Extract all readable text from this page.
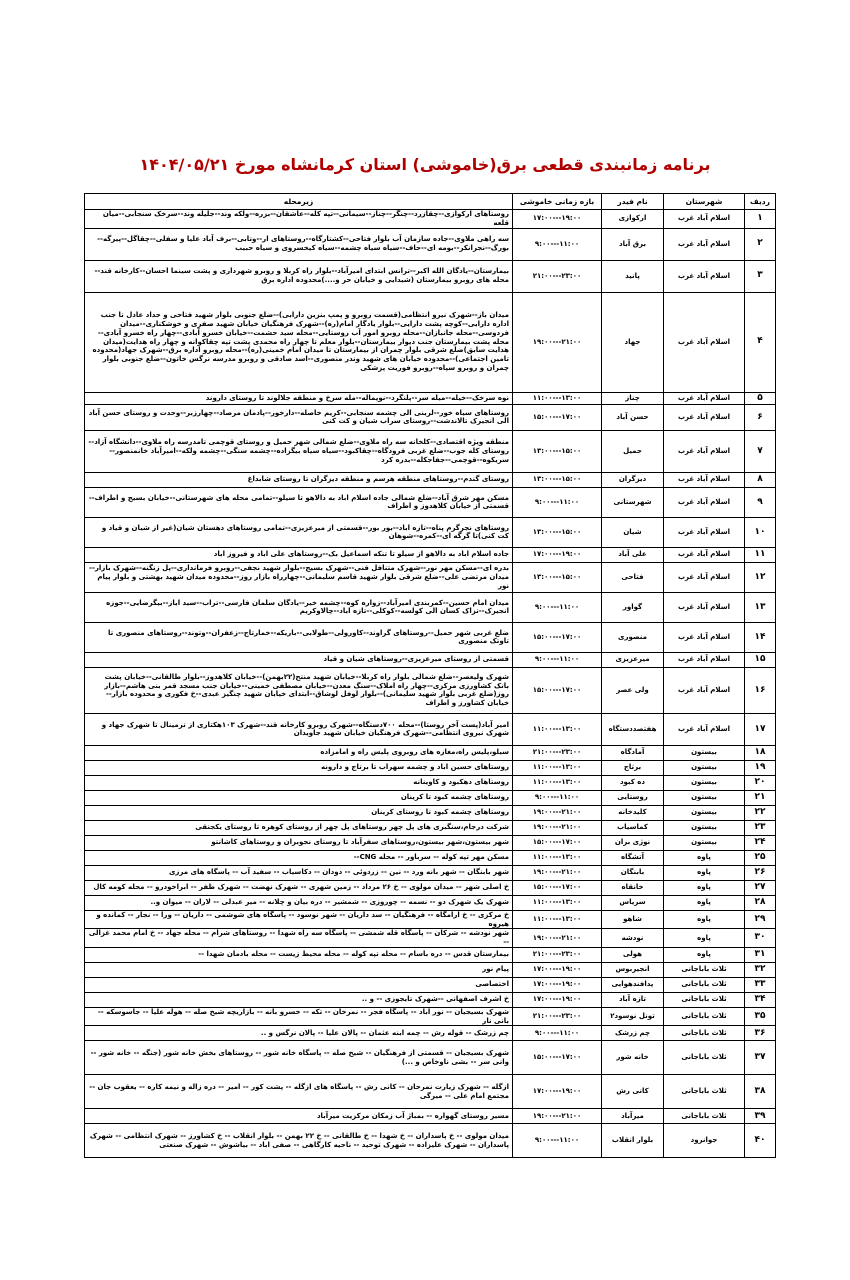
برنامه زمانبندی قطعی برق(خاموشی) استان کرمانشاه مورخ ۱۴۰۴/۰۵/۲۱
ردیف	شهرستان	نام فیدر	بازه زمانی خاموشی	زیرمحله
۱	اسلام آباد غرب	ارکوازی	۱۹:۰۰---۱۷:۰۰	روستاهای ارکوازی--چقازرد--چنگر--چناز--سیمانی--تپه کله--عاشقان--بزره--ولکه وند--جلیله وند--سرخک سنجابی--میان قلعه
۲	اسلام آباد غرب	برق آباد	۱۱:۰۰---۹:۰۰	سه راهی ملاوی--جاده سازمان آب بلوار فتاحی--کشتارگاه--روستاهای ار--وتابی--برف آباد علیا و سفلی--چقاگل--پیرگه--بورگ--نجرانکر--بومه ای--حاف--سیاه سیاه چشمه--سیاه کیخسروی و سیاه حبیب
۳	اسلام آباد غرب	پانید	۲۳:۰۰---۲۱:۰۰	بیمارستان--یادگان الله اکبر--ترانس ابتدای امیرآباد--بلوار راه کربلا و روبرو شهرداری و پشت سینما احسان--کارخانه قند--محله های روبرو بیمارستان (شیدایی و خیابان حر و....)محدوده اداره برق
۴	اسلام آباد غرب	جهاد	۲۱:۰۰---۱۹:۰۰	میدان باز--شهرک نیرو انتظامی(قسمت روبرو و پمپ بنزین دارابی)--ضلع جنوبی بلوار شهید فتاحی و حداد عادل تا جنب اداره دارایی--کوچه پشت دارایی--بلوار یادگار امام(ره)--شهرک فرهنگیان خیابان شهید صفری و خوشکناری--میدان فردوسی--محله جانبازان--محله روبرو امور آب روستایی--محله سید حشمت--خیابان خسرو آبادی--چهار راه خسرو آبادی--محله پشت بیمارستان جنب دیوار بیمارستان--بلوار معلم تا چهار راه محمدی پشت تپه چقاکوانه و چهار راه هدایت(میدان هدایت سابق)ضلع شرقی بلوار چمران از بیمارستان تا میدان امام خمینی(ره)--محله روبرو اداره برق--شهرک جهاد(محدوده تامین اجتماعی)--محدوده خیابان های شهید وندر منصوری--اسد صادقی و روبرو مدرسه نرگس خاتون--ضلع جنوبی بلوار چمران و روبرو سپاه--روبرو فوریت پزشکی
۵	اسلام آباد غرب	چناز	۱۳:۰۰---۱۱:۰۰	نوه سرخک--خیله--میله سر--پلنگرد--نوپماله--مله سرخ و منطقه جلالوند تا روستای داروند
۶	اسلام آباد غرب	حسن آباد	۱۷:۰۰---۱۵:۰۰	روستاهای سیاه خور--لرینی الی چشمه سنجابی--کریم خاصله--دارخور--پادمان مرصاد--چهارزبر--وحدت و روستای حسن آباد الی انجیرک تالاندشت--روستای سراب شیان و کت کنی
۷	اسلام آباد غرب	حمیل	۱۵:۰۰---۱۳:۰۰	منطقه ویژه اقتصادی--کلخانه سه راه ملاوی--ضلع شمالی شهر حمیل و روستای قوچمی تامدرسه راه ملاوی--دانشگاه آزاد--روستای کله جوب--ضلع غربی فرودگاه--چقاکبود--سیاه سیاه بیگزاده--چشمه سنگی--چشمه ولکه--امیرآباد خانمنصور--سریکوه--قوچمی--جفاجکله--بدره کرد
۸	اسلام آباد غرب	دیزگران	۱۵:۰۰---۱۳:۰۰	روستای گندم--روستاهای منطقه هرسم و منطقه دیزگران تا روستای شابداغ
۹	اسلام آباد غرب	شهرستانی	۱۱:۰۰---۹:۰۰	مسکن مهر شرق آباد--ضلع شمالی جاده اسلام اباد به دالاهو تا سیلو--تمامی محله های شهرستانی--خیابان بسیج و اطراف--قسمتی از خیابان کلاهدوز و اطراف
۱۰	اسلام آباد غرب	شیان	۱۵:۰۰---۱۳:۰۰	روستاهای نجرگرم پناه--تازه اباد--بور بور--قسمتی از میرعزیزی--تمامی روستاهای دهستان شیان(غیر از شیان و قیاد و کت کنی)تا گرگه ای--کمره--شوهان
۱۱	اسلام آباد غرب	علی آباد	۱۹:۰۰---۱۷:۰۰	جاده اسلام اباد به دالاهو از سیلو تا تنکه اسماعیل بک--روستاهای علی اباد و فیروز اباد
۱۲	اسلام آباد غرب	فتاحی	۱۵:۰۰---۱۳:۰۰	بدره ای--مسکن مهر نور--شهرک متنافل قنی--شهرک بسیج--بلوار شهید نجفی--روبرو فرمانداری--پل زنگنه--شهرک بازار--میدان مرتضی علی--ضلع شرقی بلوار شهید قاسم سلیمانی--چهارراه بازار روز--محدوده میدان شهید بهشتی و بلوار پیام نور
۱۳	اسلام آباد غرب	گواور	۱۱:۰۰---۹:۰۰	میدان امام حسین--کمربندی امیرآباد--زواره کوه--چشمه خیر--یادگان سلمان فارسی--تراب--سید ایاز--بیگرضایی--جوزه انجیرک--تزاک کسان الی کولسه--کوکلی--تازه اباد--چالاوکریم
۱۴	اسلام آباد غرب	منصوری	۱۷:۰۰---۱۵:۰۰	ضلع غربی شهر حمیل--روستاهای گراوند--کاورولی--طولابی--باریکه--خمارتاج--زعفران--وتوند--روستاهای منصوری تا تاوتک منصوری
۱۵	اسلام آباد غرب	میرعزیزی	۱۱:۰۰---۹:۰۰	قسمتی از روستای میرعزیزی--روستاهای شیان و قیاد
۱۶	اسلام آباد غرب	ولی عصر	۱۷:۰۰---۱۵:۰۰	شهرک ولیعصر--ضلع شمالی بلوار راه کربلا--خیابان شهید منتح(۲۲بهمن)--خیابان کلاهدوز--بلوار طالقانی--خیابان پشت بانک کشاورزی مرکزی--چهار راه املاک--سنگ معدن--خیابان مصطفی خمینی--خیابان جنب مسجد قمر بنی هاشم--بازار روز(ضلع غربی بلوار شهید سلیمانی)--بلوار لوفل لوشاق--ابتدای خیابان شهید چنگیز عبدی--خ فکوری و محدوده بازار--خیابان کشاورز و اطراف
۱۷	اسلام آباد غرب	هفتصددستگاه	۱۳:۰۰---۱۱:۰۰	امیر آباد(پست آخر روستا)--محله ۷۰۰دستگاه--شهرک روبرو کارخانه قند--شهرک ۱۰۳هکتاری از ترمینال تا شهرک جهاد و شهرک نیروی انتظامی--شهرک فرهنگیان خیابان شهید جاویدان
۱۸	بیستون	آمادگاه	۲۳:۰۰---۲۱:۰۰	سیلو،پلیس راه،مغازه های روبروی پلیس راه و امامزاده
۱۹	بیستون	برتاج	۱۳:۰۰---۱۱:۰۰	روستاهای حسین اباد و چشمه سهراب تا برتاج و دارونه
۲۰	بیستون	ده کبود	۱۳:۰۰---۱۱:۰۰	روستاهای دهکبود و کاوینانه
۲۱	بیستون	روستایی	۱۱:۰۰---۹:۰۰	روستاهای چشمه کبود تا کرینان
۲۲	بیستون	کلیدخانه	۲۱:۰۰---۱۹:۰۰	روستاهای چشمه کبود تا روستای کرینان
۲۳	بیستون	کماسیاب	۲۱:۰۰---۱۹:۰۰	شرکت درجام،سنگبری های پل چهر روستاهای پل چهر از روستای کوهره تا روستای یکجنقی
۲۴	بیستون	نوژی بران	۱۷:۰۰---۱۵:۰۰	شهر بیستون،شهر بیستون،روستاهای سفرآباد تا روستای نجوبران و روستاهای کاشانتو
۲۵	پاوه	آتشگاه	۱۳:۰۰---۱۱:۰۰	مسکن مهر تپه کوله -- سرباور -- محله CNG--
۲۶	پاوه	بابنگان	۲۱:۰۰---۱۹:۰۰	شهر بابنگان -- شهر بانه ورد -- نین -- زردوئی -- دودان -- دکاسیاب -- سفید آب -- پاسگاه های مرزی
۲۷	پاوه	خانقاه	۱۷:۰۰---۱۵:۰۰	خ اصلی شهر -- میدان مولوی -- خ ۲۶ مرداد -- زمین شهری -- شهرک نهضت -- شهرک ظفر -- ابراخودرو -- محله کومه کال
۲۸	پاوه	سریاس	۱۳:۰۰---۱۱:۰۰	شهرک یک شهرک دو -- نسمه -- چوروزی -- شمشیر -- دره بیان و چلانه -- میر عبدلی -- لاران -- میوان و..
۲۹	پاوه	شاهو	۱۳:۰۰---۱۱:۰۰	خ مرکزی -- خ آرامگاه -- فرهنگیان -- سد داریان -- شهر نوسود -- پاسگاه های شوشمی -- داریان -- ورا -- نجار -- کمانده و هیروه
۳۰	پاوه	نودشه	۲۱:۰۰---۱۹:۰۰	شهر نودشه -- شرکان -- پاسگاه قله شمشی -- پاسگاه سه راه شهدا -- روستاهای شرام -- محله جهاد -- خ امام محمد غزالی --
۳۱	پاوه	هولی	۲۳:۰۰---۲۱:۰۰	بیمارستان قدس -- دره باسام -- محله تپه کوله -- محله محیط زیست -- محله بادمان شهدا --
۳۲	ثلاث باباجانی	انجیربوس	۱۹:۰۰---۱۷:۰۰	پیام نور
۳۳	ثلاث باباجانی	پدافندهوایی	۱۹:۰۰---۱۷:۰۰	اختصاصی
۳۴	ثلاث باباجانی	تازه آباد	۱۹:۰۰---۱۷:۰۰	خ اشرف اصفهانی --شهرک تایجوزی -- و ..
۳۵	ثلاث باباجانی	تونل نوسود۲	۲۳:۰۰---۲۱:۰۰	شهرک بسیجیان -- نور اباد -- پاسگاه فجر -- نمرخان -- تکه -- خسرو بانه -- بازاریچه شیخ صله -- هوله علیا -- جاسوسکه -- بانی نار
۳۶	ثلاث باباجانی	چم زرشک	۱۱:۰۰---۹:۰۰	چم زرشک -- قوله رش -- چمه ابنه عثمان -- پالان علیا -- پالان نرگس و ..
۳۷	ثلاث باباجانی	خانه شور	۱۷:۰۰---۱۵:۰۰	شهرک بسیجیان -- قسمتی از فرهنگیان -- شیخ صله -- پاسگاه خانه شور -- روستاهای بخش خانه شور (جنگه -- خانه شور -- وانی سر -- بشی ناوخاص و ...)
۳۸	ثلاث باباجانی	کانی رش	۱۹:۰۰---۱۷:۰۰	ازگله -- شهرک زیارت نمرحان -- کانی رش -- پاسگاه های ازگله -- پشت کور -- امیر -- دره زاله و نیمه کاره -- یعقوب جان -- مجتمع امام علی -- میرگی
۳۹	ثلاث باباجانی	میرآباد	۲۱:۰۰---۱۹:۰۰	مسیر روستای گهواره -- بمباژ آب زمکان مرکزیت میرآباد
۴۰	جوانرود	بلوار انقلاب	۱۱:۰۰---۹:۰۰	میدان مولوی -- خ پاسداران -- خ شهدا -- خ طالقانی -- خ ۲۲ بهمن -- بلوار انقلاب -- خ کشاورز -- شهرک انتظامی -- شهرک پاسداران -- شهرک علیزاده -- شهرک توحید -- ناحیه کارگاهی -- صفی اباد -- بیاشوش -- شهرک صنعتی
